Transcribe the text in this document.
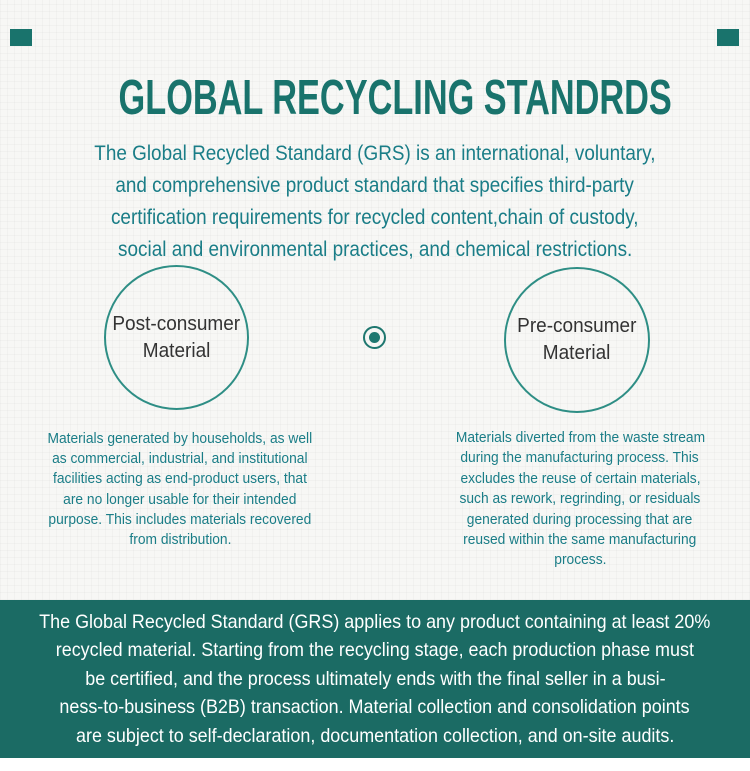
GLOBAL RECYCLING STANDRDS
The Global Recycled Standard (GRS) is an international, voluntary,
and comprehensive product standard that specifies third-party
certification requirements for recycled content,chain of custody,
social and environmental practices, and chemical restrictions.
Post-consumer
Material
Pre-consumer
Material
Materials generated by households, as well
as commercial, industrial, and institutional
facilities acting as end-product users, that
are no longer usable for their intended
purpose. This includes materials recovered
from distribution.
Materials diverted from the waste stream
during the manufacturing process. This
excludes the reuse of certain materials,
such as rework, regrinding, or residuals
generated during processing that are
reused within the same manufacturing
process.
The Global Recycled Standard (GRS) applies to any product containing at least 20%
recycled material. Starting from the recycling stage, each production phase must
be certified, and the process ultimately ends with the final seller in a busi-
ness-to-business (B2B) transaction. Material collection and consolidation points
are subject to self-declaration, documentation collection, and on-site audits.
